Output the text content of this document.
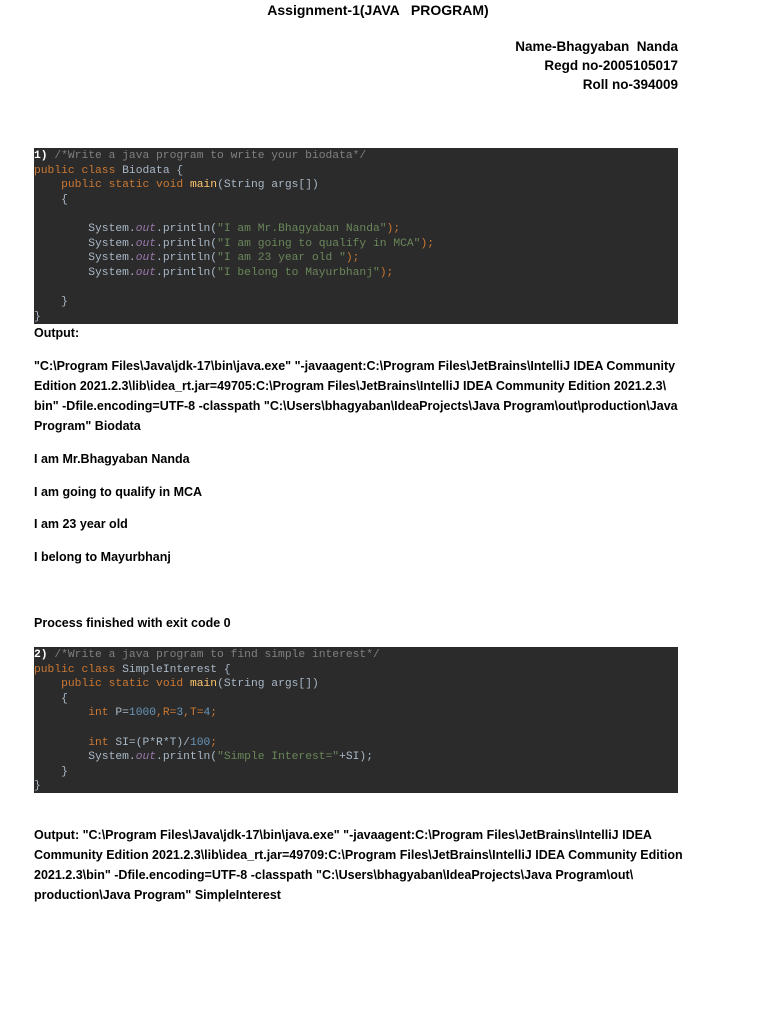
Assignment-1(JAVA   PROGRAM)
Name-Bhagyaban  Nanda
Regd no-2005105017
Roll no-394009
1) /*Write a java program to write your biodata*/
public class Biodata {
public static void main(String args[])
{

System.out.println("I am Mr.Bhagyaban Nanda");
System.out.println("I am going to qualify in MCA");
System.out.println("I am 23 year old ");
System.out.println("I belong to Mayurbhanj");

}
}
Output:
"C:\Program Files\Java\jdk-17\bin\java.exe" "-javaagent:C:\Program Files\JetBrains\IntelliJ IDEA Community Edition 2021.2.3\lib\idea_rt.jar=49705:C:\Program Files\JetBrains\IntelliJ IDEA Community Edition 2021.2.3\ bin" -Dfile.encoding=UTF-8 -classpath "C:\Users\bhagyaban\IdeaProjects\Java Program\out\production\Java Program" Biodata
I am Mr.Bhagyaban Nanda
I am going to qualify in MCA
I am 23 year old
I belong to Mayurbhanj
Process finished with exit code 0
2) /*Write a java program to find simple interest*/
public class SimpleInterest {
public static void main(String args[])
{
int P=1000,R=3,T=4;

int SI=(P*R*T)/100;
System.out.println("Simple Interest="+SI);
}
}
Output: "C:\Program Files\Java\jdk-17\bin\java.exe" "-javaagent:C:\Program Files\JetBrains\IntelliJ IDEA Community Edition 2021.2.3\lib\idea_rt.jar=49709:C:\Program Files\JetBrains\IntelliJ IDEA Community Edition 2021.2.3\bin" -Dfile.encoding=UTF-8 -classpath "C:\Users\bhagyaban\IdeaProjects\Java Program\out\ production\Java Program" SimpleInterest
